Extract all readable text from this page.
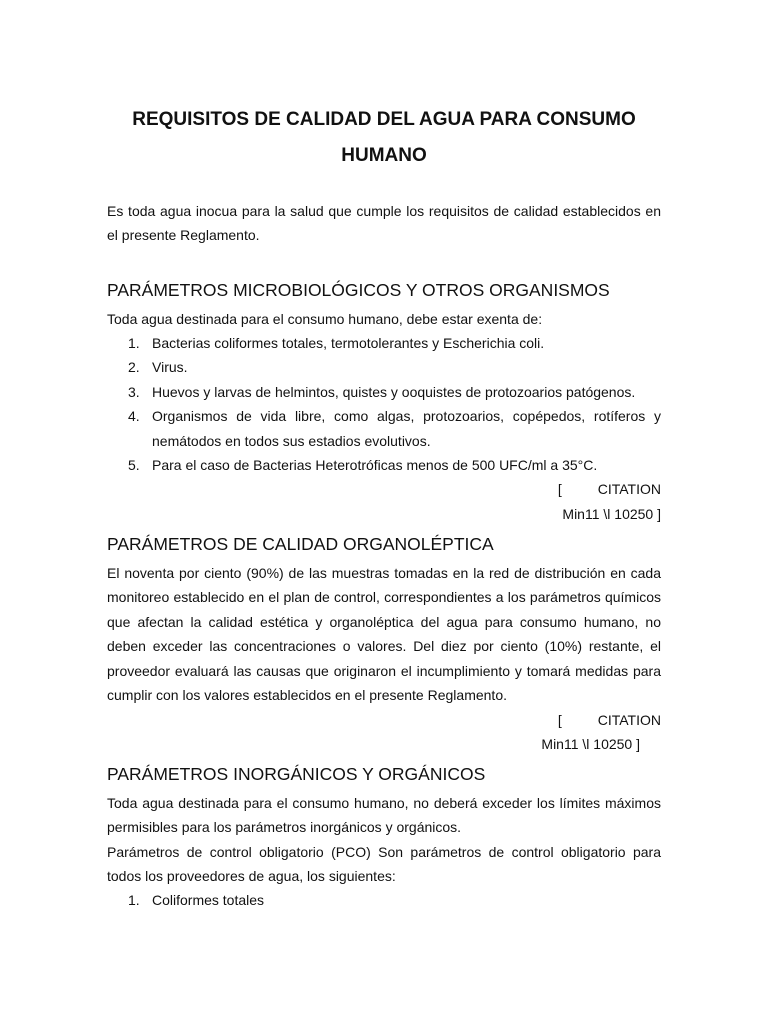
REQUISITOS DE CALIDAD DEL AGUA PARA CONSUMO HUMANO

Es toda agua inocua para la salud que cumple los requisitos de calidad establecidos en el presente Reglamento.

PARÁMETROS MICROBIOLÓGICOS Y OTROS ORGANISMOS

Toda agua destinada para el consumo humano, debe estar exenta de:

1. Bacterias coliformes totales, termotolerantes y Escherichia coli.
2. Virus.
3. Huevos y larvas de helmintos, quistes y ooquistes de protozoarios patógenos.
4. Organismos de vida libre, como algas, protozoarios, copépedos, rotíferos y nemátodos en todos sus estadios evolutivos.
5. Para el caso de Bacterias Heterotróficas menos de 500 UFC/ml a 35°C.

[	CITATION

Min11 \l 10250 ]

PARÁMETROS DE CALIDAD ORGANOLÉPTICA

El noventa por ciento (90%) de las muestras tomadas en la red de distribución en cada monitoreo establecido en el plan de control, correspondientes a los parámetros químicos que afectan la calidad estética y organoléptica del agua para consumo humano, no deben exceder las concentraciones o valores. Del diez por ciento (10%) restante, el proveedor evaluará las causas que originaron el incumplimiento y tomará medidas para cumplir con los valores establecidos en el presente Reglamento.

[	CITATION

Min11 \l 10250 ]

PARÁMETROS INORGÁNICOS Y ORGÁNICOS

Toda agua destinada para el consumo humano, no deberá exceder los límites máximos permisibles para los parámetros inorgánicos y orgánicos.

Parámetros de control obligatorio (PCO) Son parámetros de control obligatorio para todos los proveedores de agua, los siguientes:

1. Coliformes totales
